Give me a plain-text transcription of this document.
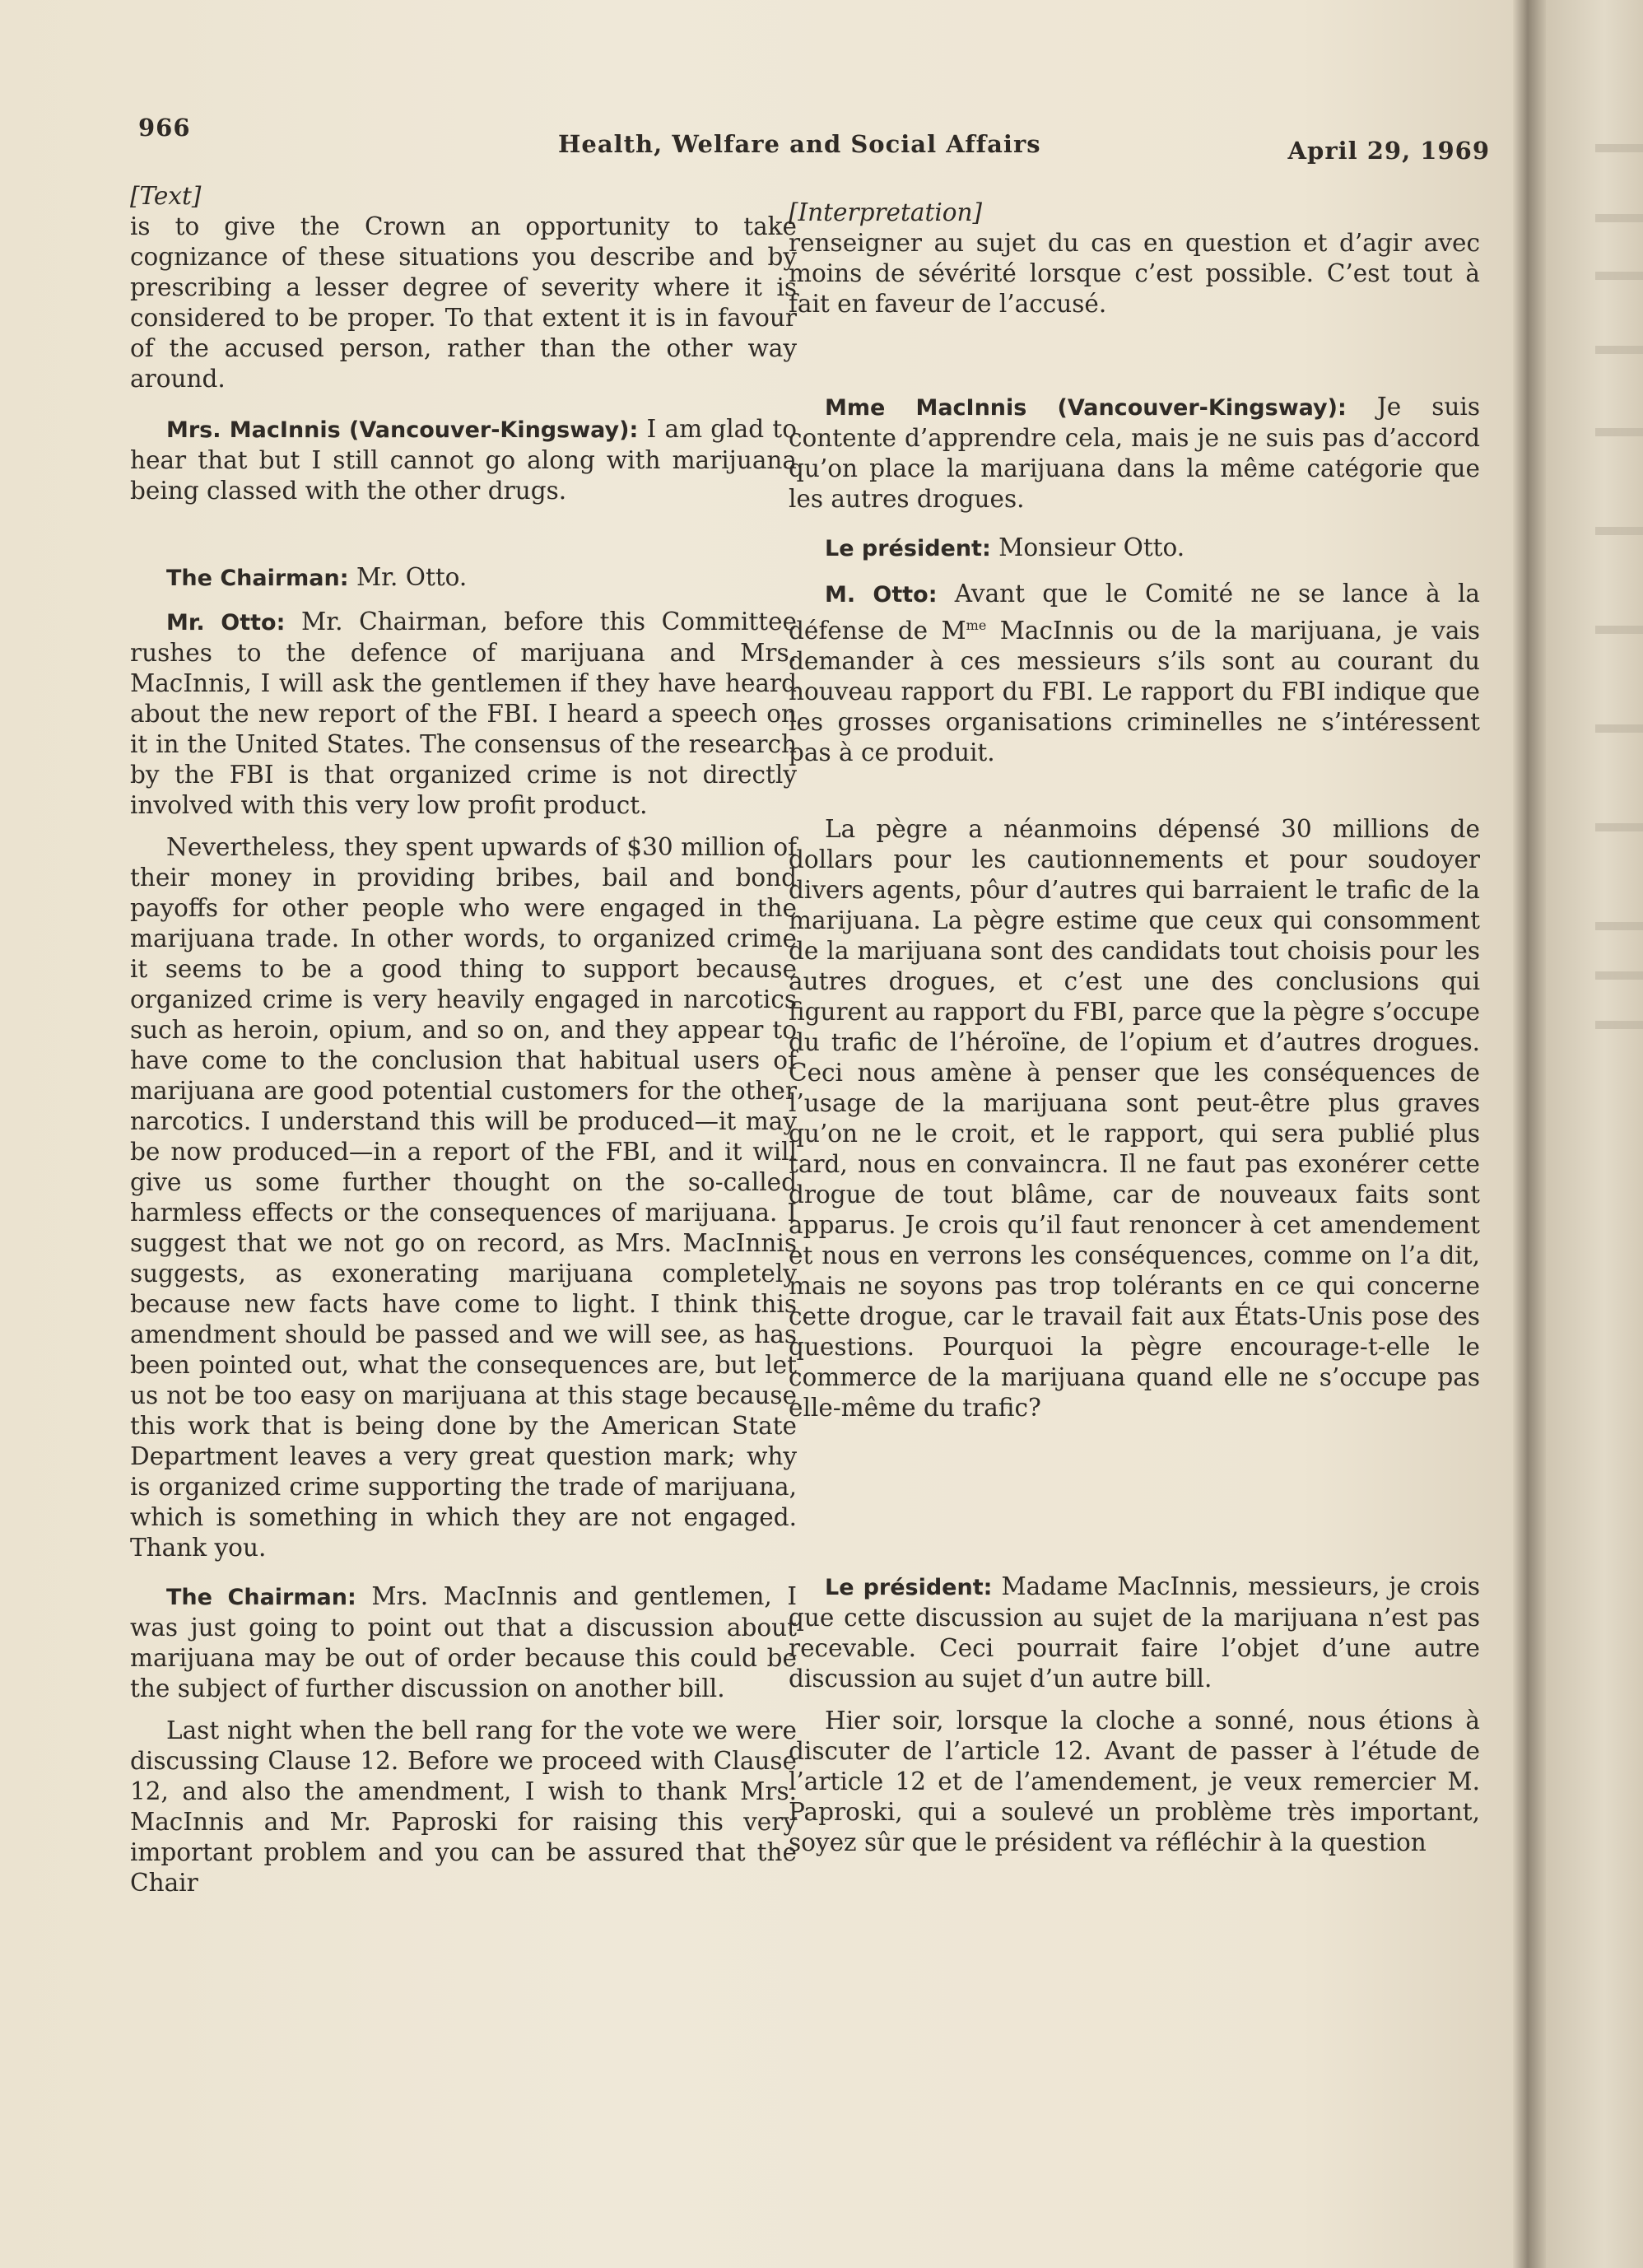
966
Health, Welfare and Social Affairs	April 29, 1969

[Text]

is to give the Crown an opportunity to take cognizance of these situations you describe and by prescribing a lesser degree of severity where it is considered to be proper. To that extent it is in favour of the accused person, rather than the other way around.

Mrs. MacInnis (Vancouver-Kingsway): I am glad to hear that but I still cannot go along with marijuana being classed with the other drugs.

The Chairman: Mr. Otto.

Mr. Otto: Mr. Chairman, before this Committee rushes to the defence of marijuana and Mrs. MacInnis, I will ask the gentlemen if they have heard about the new report of the FBI. I heard a speech on it in the United States. The consensus of the research by the FBI is that organized crime is not directly involved with this very low profit product.

Nevertheless, they spent upwards of $30 million of their money in providing bribes, bail and bond payoffs for other people who were engaged in the marijuana trade. In other words, to organized crime it seems to be a good thing to support because organized crime is very heavily engaged in narcotics such as heroin, opium, and so on, and they appear to have come to the conclusion that habitual users of marijuana are good potential customers for the other narcotics. I understand this will be produced—it may be now produced—in a report of the FBI, and it will give us some further thought on the so-called harmless effects or the consequences of marijuana. I suggest that we not go on record, as Mrs. MacInnis suggests, as exonerating marijuana completely because new facts have come to light. I think this amendment should be passed and we will see, as has been pointed out, what the consequences are, but let us not be too easy on marijuana at this stage because this work that is being done by the American State Department leaves a very great question mark; why is organized crime supporting the trade of marijuana, which is something in which they are not engaged. Thank you.

The Chairman: Mrs. MacInnis and gentlemen, I was just going to point out that a discussion about marijuana may be out of order because this could be the subject of further discussion on another bill.

Last night when the bell rang for the vote we were discussing Clause 12. Before we proceed with Clause 12, and also the amendment, I wish to thank Mrs. MacInnis and Mr. Paproski for raising this very important problem and you can be assured that the Chair

[Interpretation]

renseigner au sujet du cas en question et d’agir avec moins de sévérité lorsque c’est possible. C’est tout à fait en faveur de l’accusé.

Mme MacInnis (Vancouver-Kingsway): Je suis contente d’apprendre cela, mais je ne suis pas d’accord qu’on place la marijuana dans la même catégorie que les autres drogues.

Le président: Monsieur Otto.

M. Otto: Avant que le Comité ne se lance à la défense de $M^{me}$ MacInnis ou de la marijuana, je vais demander à ces messieurs s’ils sont au courant du nouveau rapport du FBI. Le rapport du FBI indique que les grosses organisations criminelles ne s’intéressent pas à ce produit.

La pègre a néanmoins dépensé 30 millions de dollars pour les cautionnements et pour soudoyer divers agents, pôur d’autres qui barraient le trafic de la marijuana. La pègre estime que ceux qui consomment de la marijuana sont des candidats tout choisis pour les autres drogues, et c’est une des conclusions qui figurent au rapport du FBI, parce que la pègre s’occupe du trafic de l’héroïne, de l’opium et d’autres drogues. Ceci nous amène à penser que les conséquences de l’usage de la marijuana sont peut-être plus graves qu’on ne le croit, et le rapport, qui sera publié plus tard, nous en convaincra. Il ne faut pas exonérer cette drogue de tout blâme, car de nouveaux faits sont apparus. Je crois qu’il faut renoncer à cet amendement et nous en verrons les conséquences, comme on l’a dit, mais ne soyons pas trop tolérants en ce qui concerne cette drogue, car le travail fait aux États-Unis pose des questions. Pourquoi la pègre encourage-t-elle le commerce de la marijuana quand elle ne s’occupe pas elle-même du trafic?

Le président: Madame MacInnis, messieurs, je crois que cette discussion au sujet de la marijuana n’est pas recevable. Ceci pourrait faire l’objet d’une autre discussion au sujet d’un autre bill.

Hier soir, lorsque la cloche a sonné, nous étions à discuter de l’article 12. Avant de passer à l’étude de l’article 12 et de l’amendement, je veux remercier M. Paproski, qui a soulevé un problème très important, soyez sûr que le président va réfléchir à la question
